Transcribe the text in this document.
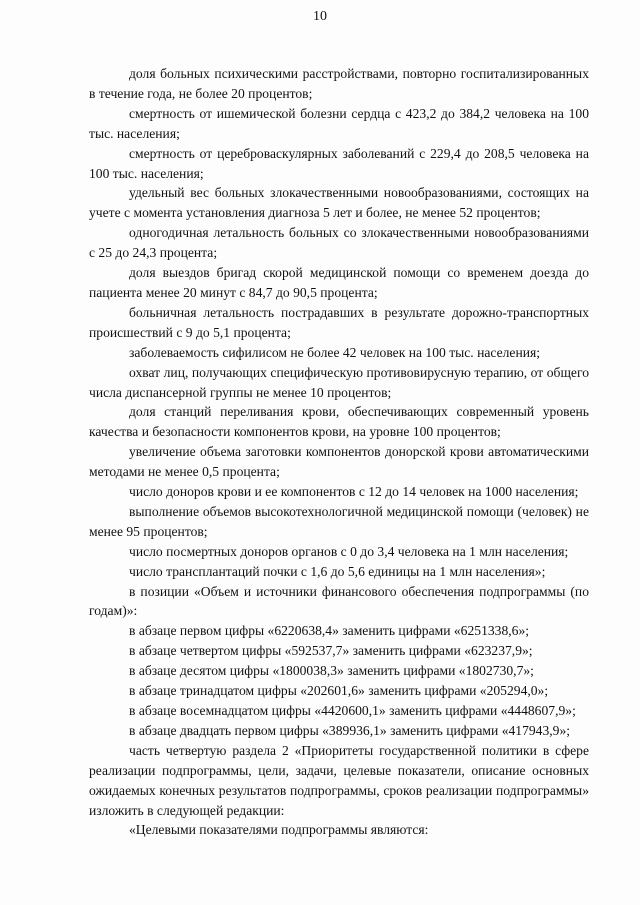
10

доля больных психическими расстройствами, повторно госпитализированных в течение года, не более 20 процентов;

смертность от ишемической болезни сердца с 423,2 до 384,2 человека на 100 тыс. населения;

смертность от цереброваскулярных заболеваний с 229,4 до 208,5 человека на 100 тыс. населения;

удельный вес больных злокачественными новообразованиями, состоящих на учете с момента установления диагноза 5 лет и более, не менее 52 процентов;

одногодичная летальность больных со злокачественными новообразованиями с 25 до 24,3 процента;

доля выездов бригад скорой медицинской помощи со временем доезда до пациента менее 20 минут с 84,7 до 90,5 процента;

больничная летальность пострадавших в результате дорожно-транспортных происшествий с 9 до 5,1 процента;

заболеваемость сифилисом не более 42 человек на 100 тыс. населения;

охват лиц, получающих специфическую противовирусную терапию, от общего числа диспансерной группы не менее 10 процентов;

доля станций переливания крови, обеспечивающих современный уровень качества и безопасности компонентов крови, на уровне 100 процентов;

увеличение объема заготовки компонентов донорской крови автоматическими методами не менее 0,5 процента;

число доноров крови и ее компонентов с 12 до 14 человек на 1000 населения;

выполнение объемов высокотехнологичной медицинской помощи (человек) не менее 95 процентов;

число посмертных доноров органов с 0 до 3,4 человека на 1 млн населения;

число трансплантаций почки с 1,6 до 5,6 единицы на 1 млн населения»;

в позиции «Объем и источники финансового обеспечения подпрограммы (по годам)»:

в абзаце первом цифры «6220638,4» заменить цифрами «6251338,6»;

в абзаце четвертом цифры «592537,7» заменить цифрами «623237,9»;

в абзаце десятом цифры «1800038,3» заменить цифрами «1802730,7»;

в абзаце тринадцатом цифры «202601,6» заменить цифрами «205294,0»;

в абзаце восемнадцатом цифры «4420600,1» заменить цифрами «4448607,9»;

в абзаце двадцать первом цифры «389936,1» заменить цифрами «417943,9»;

часть четвертую раздела 2 «Приоритеты государственной политики в сфере реализации подпрограммы, цели, задачи, целевые показатели, описание основных ожидаемых конечных результатов подпрограммы, сроков реализации подпрограммы» изложить в следующей редакции:

«Целевыми показателями подпрограммы являются:
